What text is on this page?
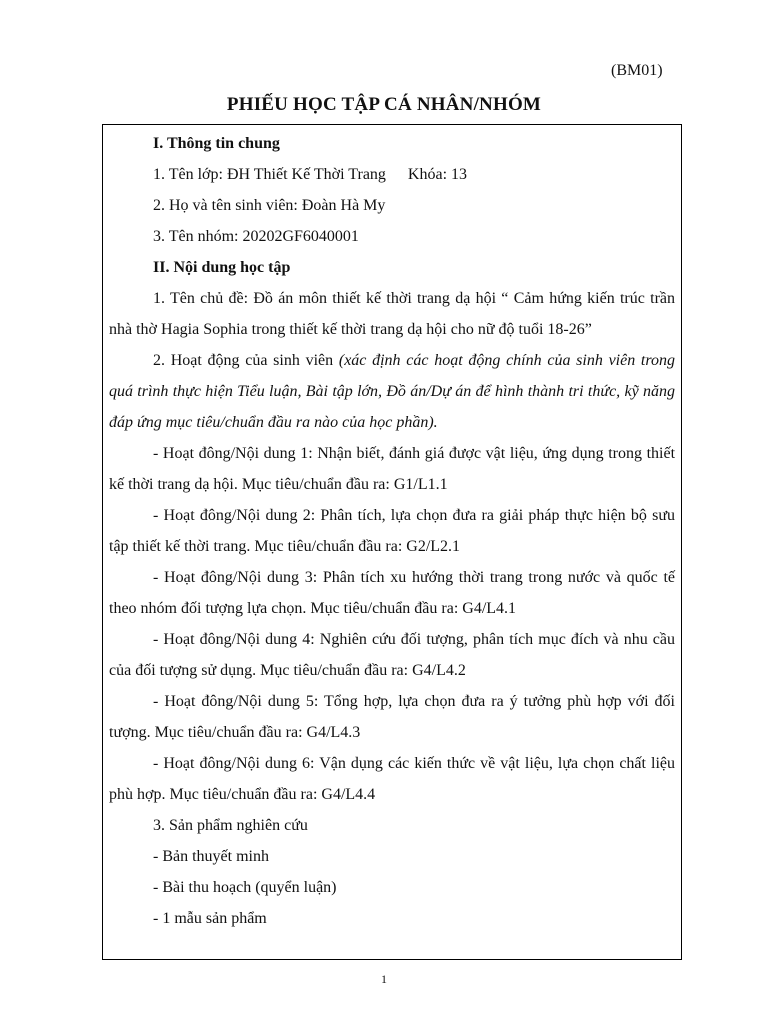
(BM01)
PHIẾU HỌC TẬP CÁ NHÂN/NHÓM

I. Thông tin chung

1. Tên lớp: ĐH Thiết Kế Thời Trang Khóa: 13

2. Họ và tên sinh viên: Đoàn Hà My

3. Tên nhóm: 20202GF6040001

II. Nội dung học tập

1. Tên chủ đề: Đồ án môn thiết kế thời trang dạ hội “ Cảm hứng kiến trúc trần nhà thờ Hagia Sophia trong thiết kế thời trang dạ hội cho nữ độ tuổi 18-26”

2. Hoạt động của sinh viên (xác định các hoạt động chính của sinh viên trong quá trình thực hiện Tiểu luận, Bài tập lớn, Đồ án/Dự án để hình thành tri thức, kỹ năng đáp ứng mục tiêu/chuẩn đầu ra nào của học phần).

- Hoạt đông/Nội dung 1: Nhận biết, đánh giá được vật liệu, ứng dụng trong thiết kế thời trang dạ hội. Mục tiêu/chuẩn đầu ra: G1/L1.1

- Hoạt đông/Nội dung 2: Phân tích, lựa chọn đưa ra giải pháp thực hiện bộ sưu tập thiết kế thời trang. Mục tiêu/chuẩn đầu ra: G2/L2.1

- Hoạt đông/Nội dung 3: Phân tích xu hướng thời trang trong nước và quốc tế theo nhóm đối tượng lựa chọn. Mục tiêu/chuẩn đầu ra: G4/L4.1

- Hoạt đông/Nội dung 4: Nghiên cứu đối tượng, phân tích mục đích và nhu cầu của đối tượng sử dụng. Mục tiêu/chuẩn đầu ra: G4/L4.2

- Hoạt đông/Nội dung 5: Tổng hợp, lựa chọn đưa ra ý tưởng phù hợp với đối tượng. Mục tiêu/chuẩn đầu ra: G4/L4.3

- Hoạt đông/Nội dung 6: Vận dụng các kiến thức về vật liệu, lựa chọn chất liệu phù hợp. Mục tiêu/chuẩn đầu ra: G4/L4.4

3. Sản phẩm nghiên cứu

- Bản thuyết minh

- Bài thu hoạch (quyển luận)

- 1 mẫu sản phẩm

1
